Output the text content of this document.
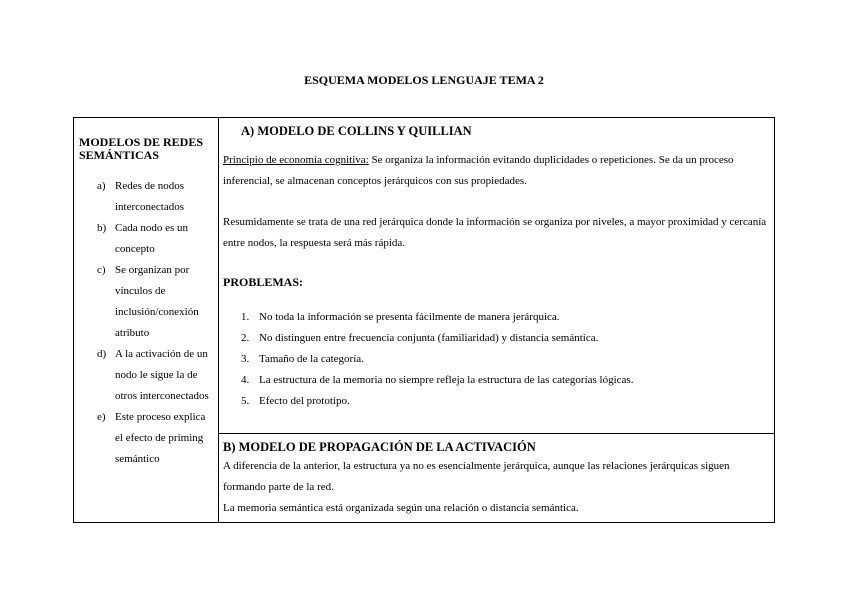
ESQUEMA MODELOS LENGUAJE TEMA 2
MODELOS DE REDES SEMÁNTICAS
a) Redes de nodos interconectados
b) Cada nodo es un concepto
c) Se organizan por vínculos de inclusión/conexión atributo
d) A la activación de un nodo le sigue la de otros interconectados
e) Este proceso explica el efecto de priming semántico

A) MODELO DE COLLINS Y QUILLIAN
Principio de economía cognitiva: Se organiza la información evitando duplicidades o repeticiones. Se da un proceso inferencial, se almacenan conceptos jerárquicos con sus propiedades.
Resumidamente se trata de una red jerárquica donde la información se organiza por niveles, a mayor proximidad y cercanía entre nodos, la respuesta será más rápida.
PROBLEMAS:
1. No toda la información se presenta fácilmente de manera jerárquica.
2. No distinguen entre frecuencia conjunta (familiaridad) y distancia semántica.
3. Tamaño de la categoría.
4. La estructura de la memoria no siempre refleja la estructura de las categorías lógicas.
5. Efecto del prototipo.

B) MODELO DE PROPAGACIÓN DE LA ACTIVACIÓN
A diferencia de la anterior, la estructura ya no es esencialmente jerárquica, aunque las relaciones jerárquicas siguen formando parte de la red.
La memoria semántica está organizada según una relación o distancia semántica.
